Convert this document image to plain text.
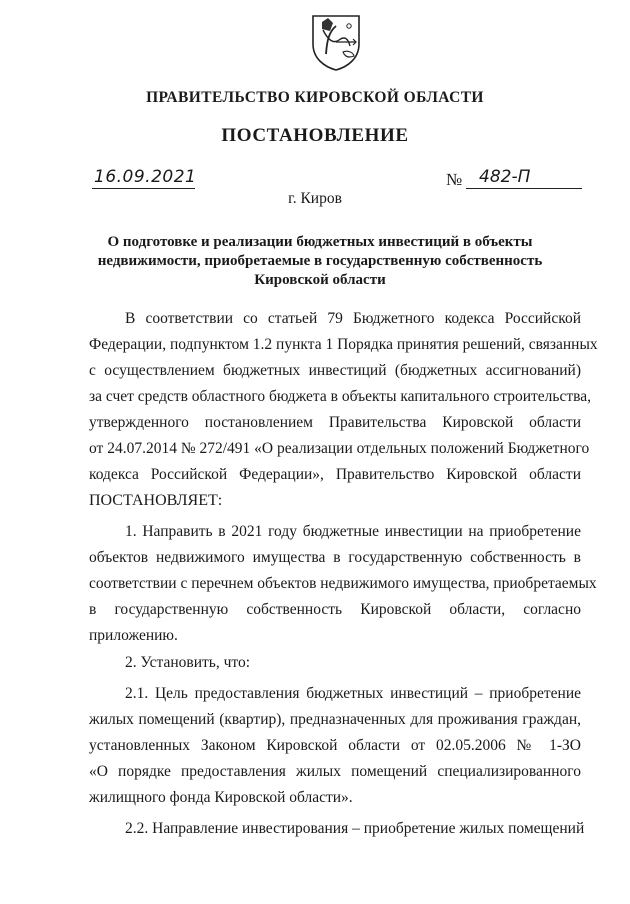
ПРАВИТЕЛЬСТВО КИРОВСКОЙ ОБЛАСТИ
ПОСТАНОВЛЕНИЕ
16.09.2021	№ 482-П
г. Киров
О подготовке и реализации бюджетных инвестиций в объекты
недвижимости, приобретаемые в государственную собственность
Кировской области
В соответствии со статьей 79 Бюджетного кодекса Российской
Федерации, подпунктом 1.2 пункта 1 Порядка принятия решений, связанных
с осуществлением бюджетных инвестиций (бюджетных ассигнований)
за счет средств областного бюджета в объекты капитального строительства,
утвержденного постановлением Правительства Кировской области
от 24.07.2014 № 272/491 «О реализации отдельных положений Бюджетного
кодекса Российской Федерации», Правительство Кировской области
ПОСТАНОВЛЯЕТ:
1. Направить в 2021 году бюджетные инвестиции на приобретение
объектов недвижимого имущества в государственную собственность в
соответствии с перечнем объектов недвижимого имущества, приобретаемых
в государственную собственность Кировской области, согласно
приложению.
2. Установить, что:
2.1. Цель предоставления бюджетных инвестиций – приобретение
жилых помещений (квартир), предназначенных для проживания граждан,
установленных Законом Кировской области от 02.05.2006 № 1-ЗО
«О порядке предоставления жилых помещений специализированного
жилищного фонда Кировской области».
2.2. Направление инвестирования – приобретение жилых помещений
